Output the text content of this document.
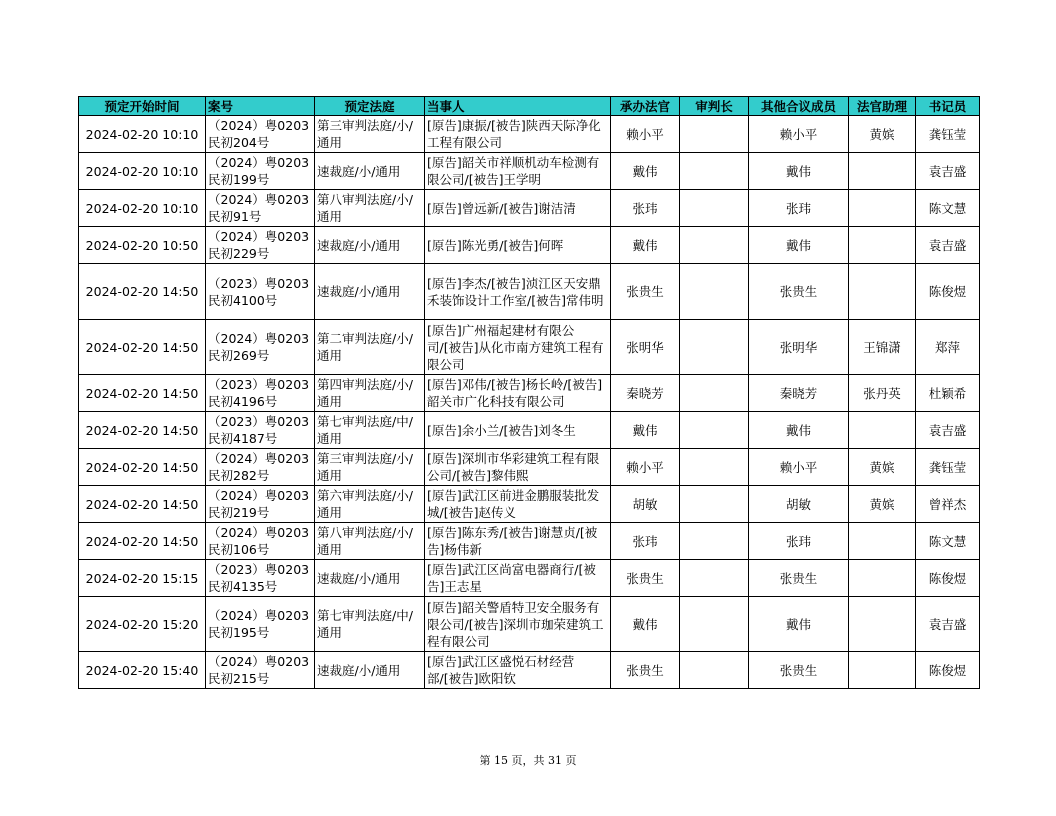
预定开始时间	案号	预定法庭	当事人	承办法官	审判长	其他合议成员	法官助理	书记员
2024-02-20 10:10	（2024）粤0203民初204号	第三审判法庭/小/通用	[原告]康振/[被告]陕西天际净化工程有限公司	赖小平		赖小平	黄嫔	龚钰莹
2024-02-20 10:10	（2024）粤0203民初199号	速裁庭/小/通用	[原告]韶关市祥顺机动车检测有限公司/[被告]王学明	戴伟		戴伟		袁吉盛
2024-02-20 10:10	（2024）粤0203民初91号	第八审判法庭/小/通用	[原告]曾远新/[被告]谢洁清	张玮		张玮		陈文慧
2024-02-20 10:50	（2024）粤0203民初229号	速裁庭/小/通用	[原告]陈光勇/[被告]何晖	戴伟		戴伟		袁吉盛
2024-02-20 14:50	（2023）粤0203民初4100号	速裁庭/小/通用	[原告]李杰/[被告]浈江区天安鼎禾装饰设计工作室/[被告]常伟明	张贵生		张贵生		陈俊煜
2024-02-20 14:50	（2024）粤0203民初269号	第二审判法庭/小/通用	[原告]广州福起建材有限公司/[被告]从化市南方建筑工程有限公司	张明华		张明华	王锦潇	郑萍
2024-02-20 14:50	（2023）粤0203民初4196号	第四审判法庭/小/通用	[原告]邓伟/[被告]杨长岭/[被告]韶关市广化科技有限公司	秦晓芳		秦晓芳	张丹英	杜颖希
2024-02-20 14:50	（2023）粤0203民初4187号	第七审判法庭/中/通用	[原告]余小兰/[被告]刘冬生	戴伟		戴伟		袁吉盛
2024-02-20 14:50	（2024）粤0203民初282号	第三审判法庭/小/通用	[原告]深圳市华彩建筑工程有限公司/[被告]黎伟熙	赖小平		赖小平	黄嫔	龚钰莹
2024-02-20 14:50	（2024）粤0203民初219号	第六审判法庭/小/通用	[原告]武江区前进金鹏服装批发城/[被告]赵传义	胡敏		胡敏	黄嫔	曾祥杰
2024-02-20 14:50	（2024）粤0203民初106号	第八审判法庭/小/通用	[原告]陈东秀/[被告]谢慧贞/[被告]杨伟新	张玮		张玮		陈文慧
2024-02-20 15:15	（2023）粤0203民初4135号	速裁庭/小/通用	[原告]武江区尚富电器商行/[被告]王志星	张贵生		张贵生		陈俊煜
2024-02-20 15:20	（2024）粤0203民初195号	第七审判法庭/中/通用	[原告]韶关警盾特卫安全服务有限公司/[被告]深圳市珈荣建筑工程有限公司	戴伟		戴伟		袁吉盛
2024-02-20 15:40	（2024）粤0203民初215号	速裁庭/小/通用	[原告]武江区盛悦石材经营部/[被告]欧阳钦	张贵生		张贵生		陈俊煜
第 15 页，共 31 页
